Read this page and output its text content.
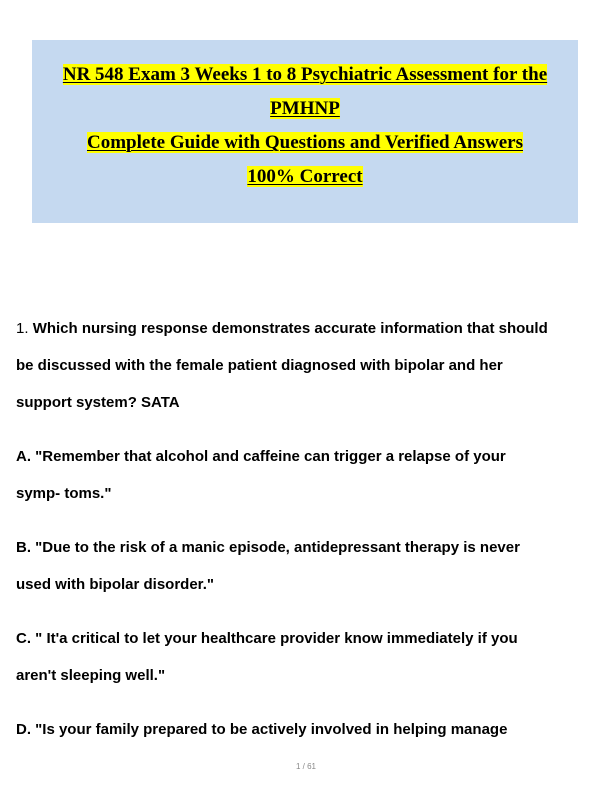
NR 548 Exam 3 Weeks 1 to 8 Psychiatric Assessment for the
PMHNP
Complete Guide with Questions and Verified Answers
100% Correct
1. Which nursing response demonstrates accurate information that should
be discussed with the female patient diagnosed with bipolar and her
support system? SATA
A. "Remember that alcohol and caffeine can trigger a relapse of your
symp- toms."
B. "Due to the risk of a manic episode, antidepressant therapy is never
used with bipolar disorder."
C. " It'a critical to let your healthcare provider know immediately if you
aren't sleeping well."
D. "Is your family prepared to be actively involved in helping manage
1 / 61
